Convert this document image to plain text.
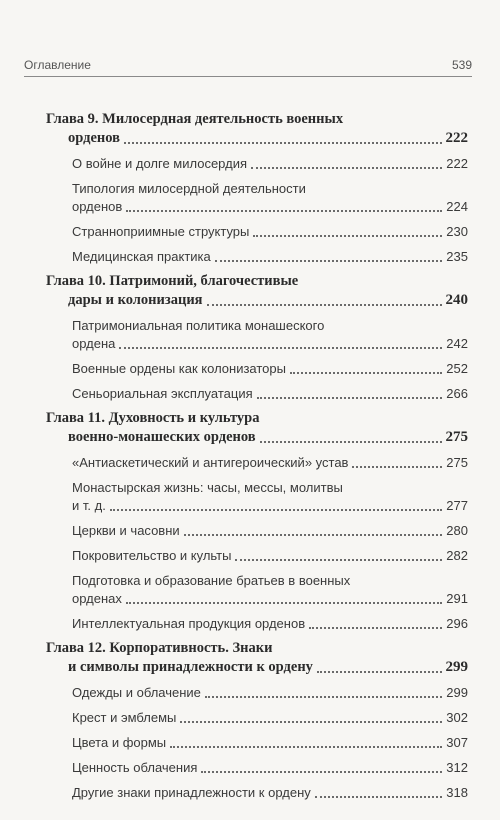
Оглавление	539
Глава 9. Милосердная деятельность военных
орденов	222
О войне и долге милосердия	222
Типология милосердной деятельности
орденов	224
Странноприимные структуры	230
Медицинская практика	235
Глава 10. Патримоний, благочестивые
дары и колонизация	240
Патримониальная политика монашеского
ордена	242
Военные ордены как колонизаторы	252
Сеньориальная эксплуатация	266
Глава 11. Духовность и культура
военно-монашеских орденов	275
«Антиаскетический и антигероический» устав	275
Монастырская жизнь: часы, мессы, молитвы
и т. д.	277
Церкви и часовни	280
Покровительство и культы	282
Подготовка и образование братьев в военных
орденах	291
Интеллектуальная продукция орденов	296
Глава 12. Корпоративность. Знаки
и символы принадлежности к ордену	299
Одежды и облачение	299
Крест и эмблемы	302
Цвета и формы	307
Ценность облачения	312
Другие знаки принадлежности к ордену	318
